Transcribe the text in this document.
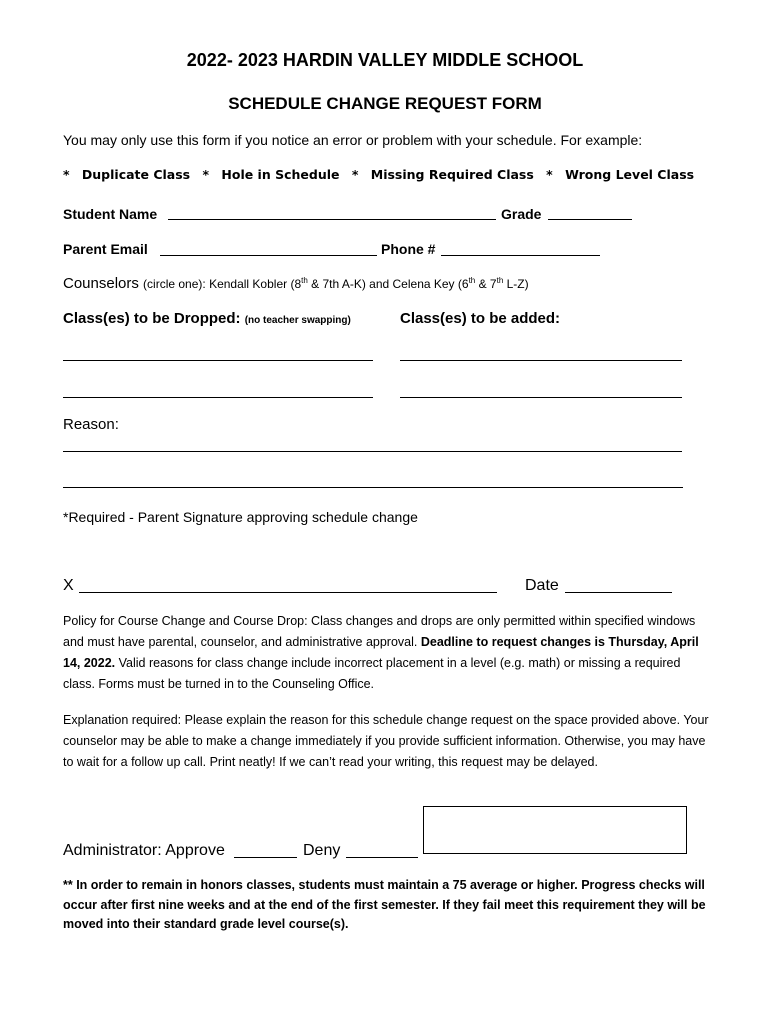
2022- 2023 HARDIN VALLEY MIDDLE SCHOOL
SCHEDULE CHANGE REQUEST FORM
You may only use this form if you notice an error or problem with your schedule. For example:
* Duplicate Class * Hole in Schedule * Missing Required Class * Wrong Level Class
Student Name	Grade
Parent Email	Phone #
Counselors (circle one): Kendall Kobler (8th & 7th A-K) and Celena Key (6th & 7th L-Z)
Class(es) to be Dropped: (no teacher swapping)	Class(es) to be added:
Reason:
*Required - Parent Signature approving schedule change
X	Date
Policy for Course Change and Course Drop: Class changes and drops are only permitted within specified windows and must have parental, counselor, and administrative approval. Deadline to request changes is Thursday, April 14, 2022. Valid reasons for class change include incorrect placement in a level (e.g. math) or missing a required class. Forms must be turned in to the Counseling Office.
Explanation required: Please explain the reason for this schedule change request on the space provided above. Your counselor may be able to make a change immediately if you provide sufficient information. Otherwise, you may have to wait for a follow up call. Print neatly! If we can’t read your writing, this request may be delayed.
Administrator: Approve	Deny
** In order to remain in honors classes, students must maintain a 75 average or higher. Progress checks will occur after first nine weeks and at the end of the first semester. If they fail meet this requirement they will be moved into their standard grade level course(s).
